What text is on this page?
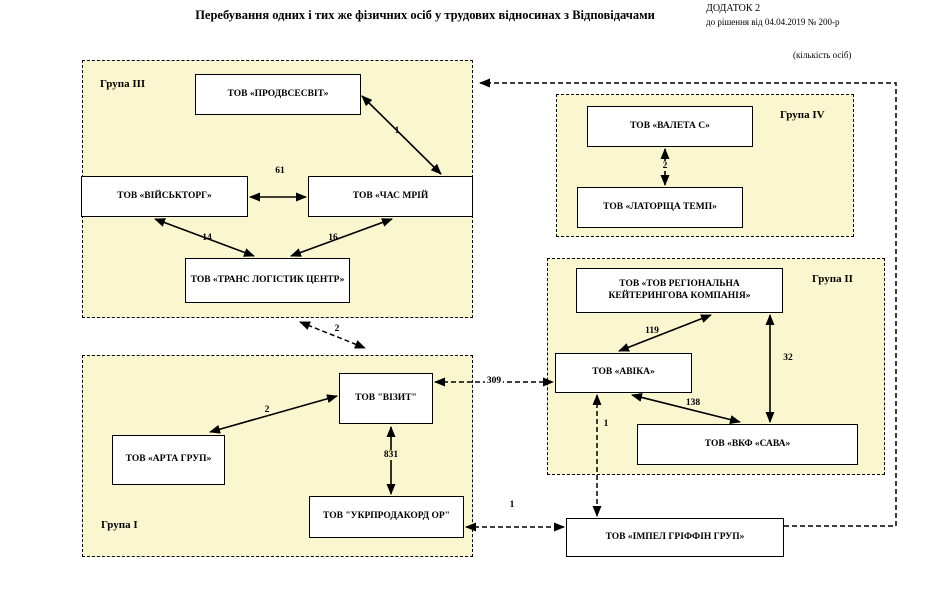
Перебування одних і тих же фізичних осіб у трудових відносинах з Відповідачами	ДОДАТОК 2
до рішення від 04.04.2019 № 200-р
(кількість осіб)
Група III
Група IV
Група II
Група I
ТОВ «ПРОДВСЕСВІТ»
ТОВ «ВІЙСЬКТОРГ»	ТОВ «ЧАС МРІЙ
ТОВ «ТРАНС ЛОГІСТИК ЦЕНТР»
ТОВ «ВАЛЕТА С»
ТОВ «ЛАТОРІЦА ТЕМП»
ТОВ «ТОВ РЕГІОНАЛЬНА КЕЙТЕРИНГОВА КОМПАНІЯ»
ТОВ «АВІКА»
ТОВ «ВКФ «САВА»
ТОВ "ВІЗИТ"
ТОВ «АРТА ГРУП»
ТОВ "УКРПРОДАКОРД ОР"
ТОВ «ІМПЕЛ ГРІФФІН ГРУП»
1
61
14	16
2
119
32
138
2
2
831
309
1
1
